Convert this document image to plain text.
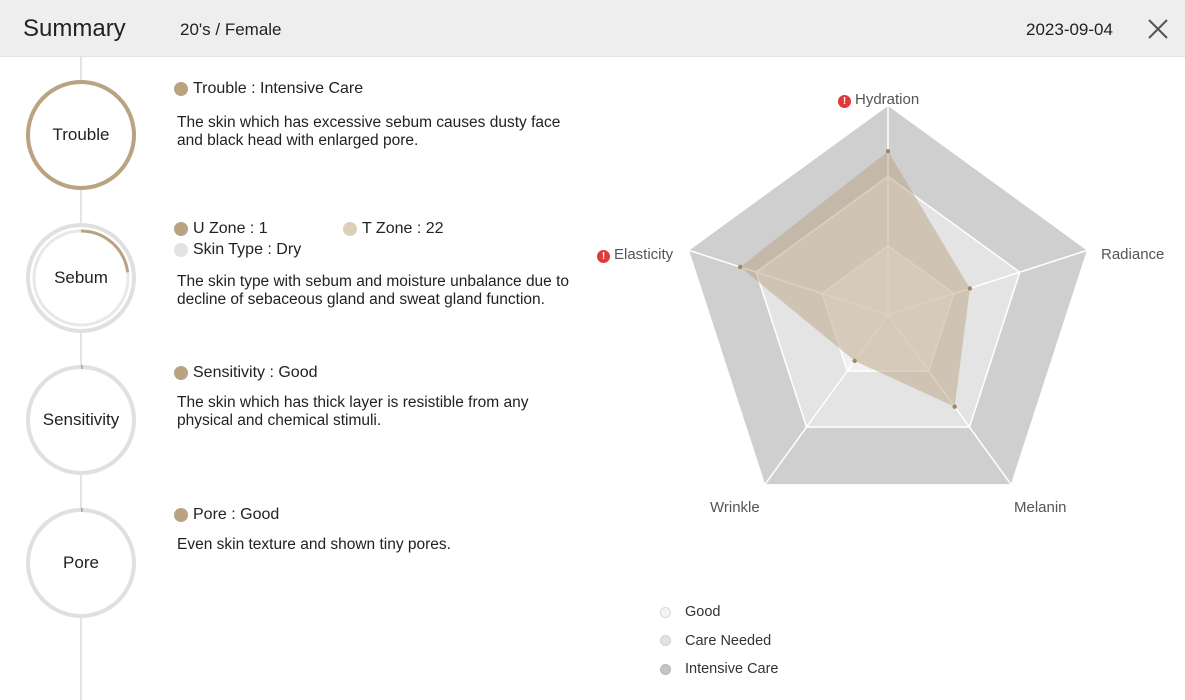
Summary	20's / Female	2023-09-04
Trouble
Sebum
Sensitivity
Pore
Trouble : Intensive Care
The skin which has excessive sebum causes dusty face
and black head with enlarged pore.
U Zone : 1	T Zone : 22
Skin Type : Dry
The skin type with sebum and moisture unbalance due to
decline of sebaceous gland and sweat gland function.
Sensitivity : Good
The skin which has thick layer is resistible from any
physical and chemical stimuli.
Pore : Good
Even skin texture and shown tiny pores.
! Hydration
Radiance
Melanin
Wrinkle
! Elasticity
Good
Care Needed
Intensive Care
